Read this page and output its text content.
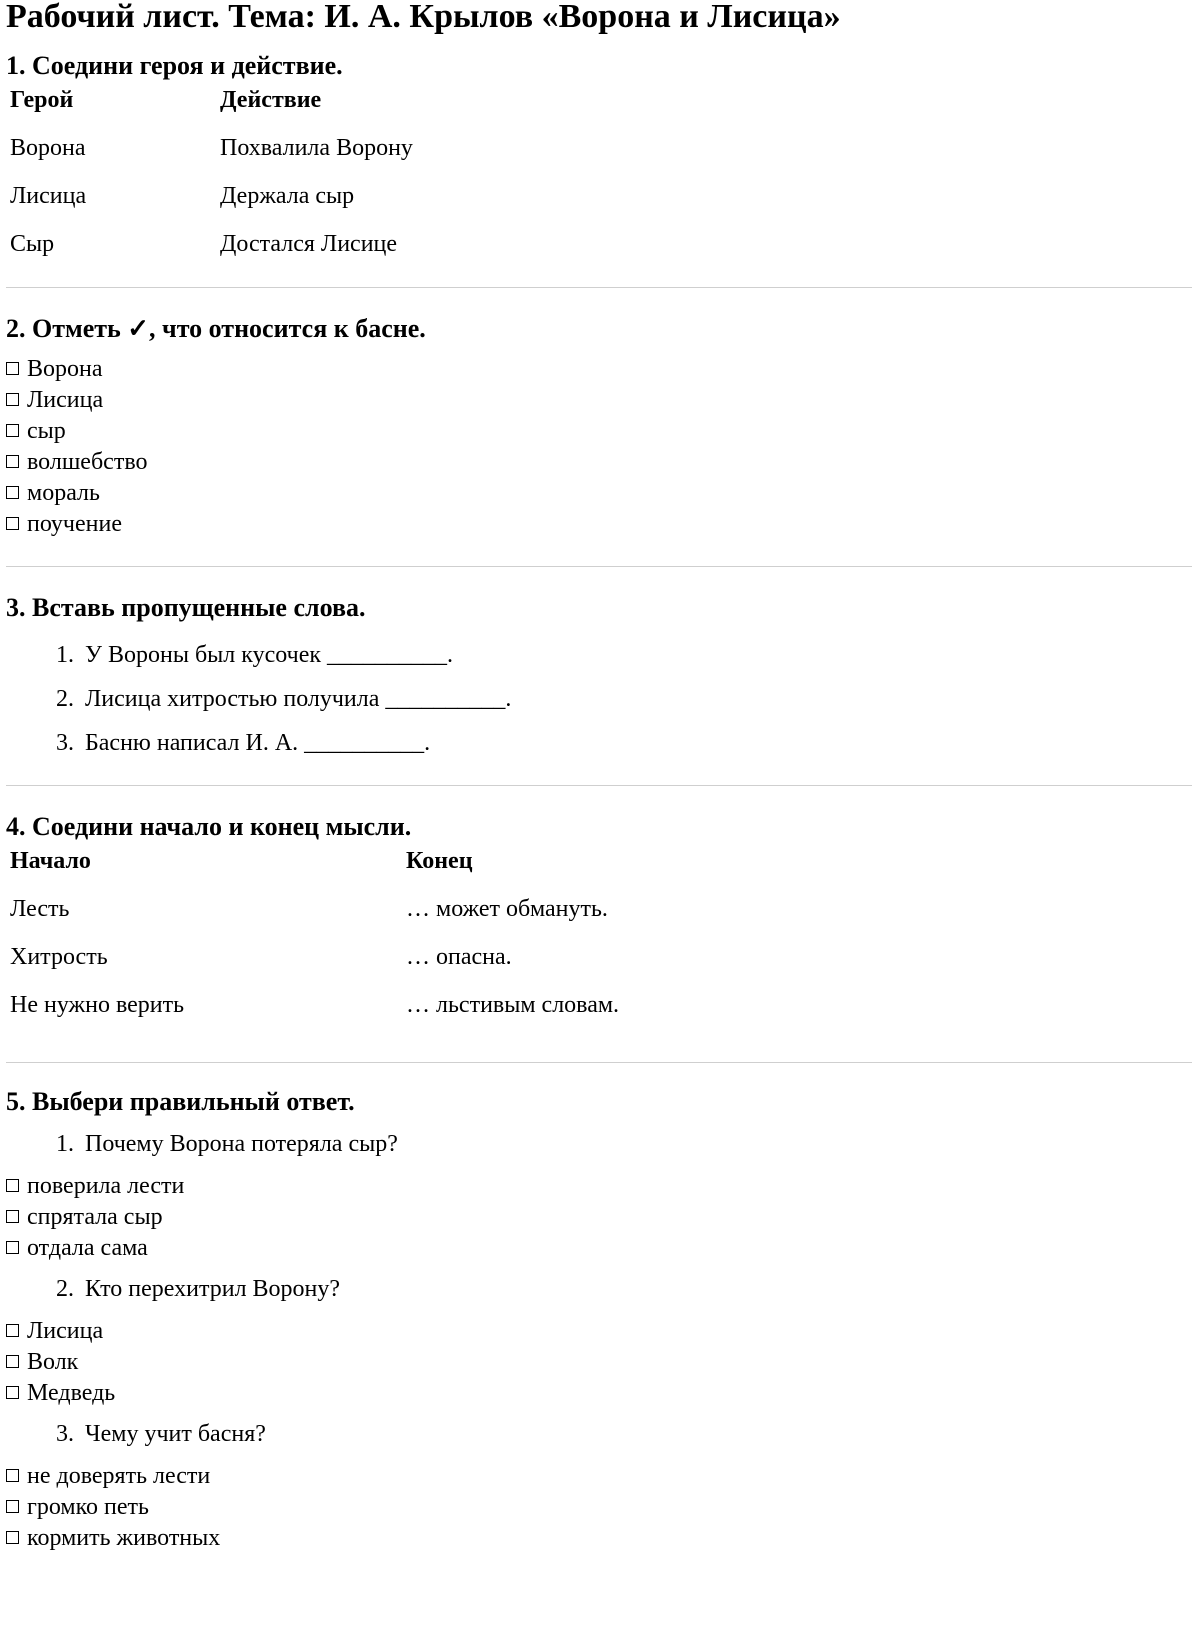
Рабочий лист. Тема: И. А. Крылов «Ворона и Лисица»
1. Соедини героя и действие.
Герой	Действие
Ворона	Похвалила Ворону
Лисица	Держала сыр
Сыр	Достался Лисице
2. Отметь ✓, что относится к басне.
Ворона
Лисица
сыр
волшебство
мораль
поучение
3. Вставь пропущенные слова.
1. У Вороны был кусочек __________.
2. Лисица хитростью получила __________.
3. Басню написал И. А. __________.
4. Соедини начало и конец мысли.
Начало	Конец
Лесть	… может обмануть.
Хитрость	… опасна.
Не нужно верить	… льстивым словам.
5. Выбери правильный ответ.
1. Почему Ворона потеряла сыр?
поверила лести
спрятала сыр
отдала сама
2. Кто перехитрил Ворону?
Лисица
Волк
Медведь
3. Чему учит басня?
не доверять лести
громко петь
кормить животных
